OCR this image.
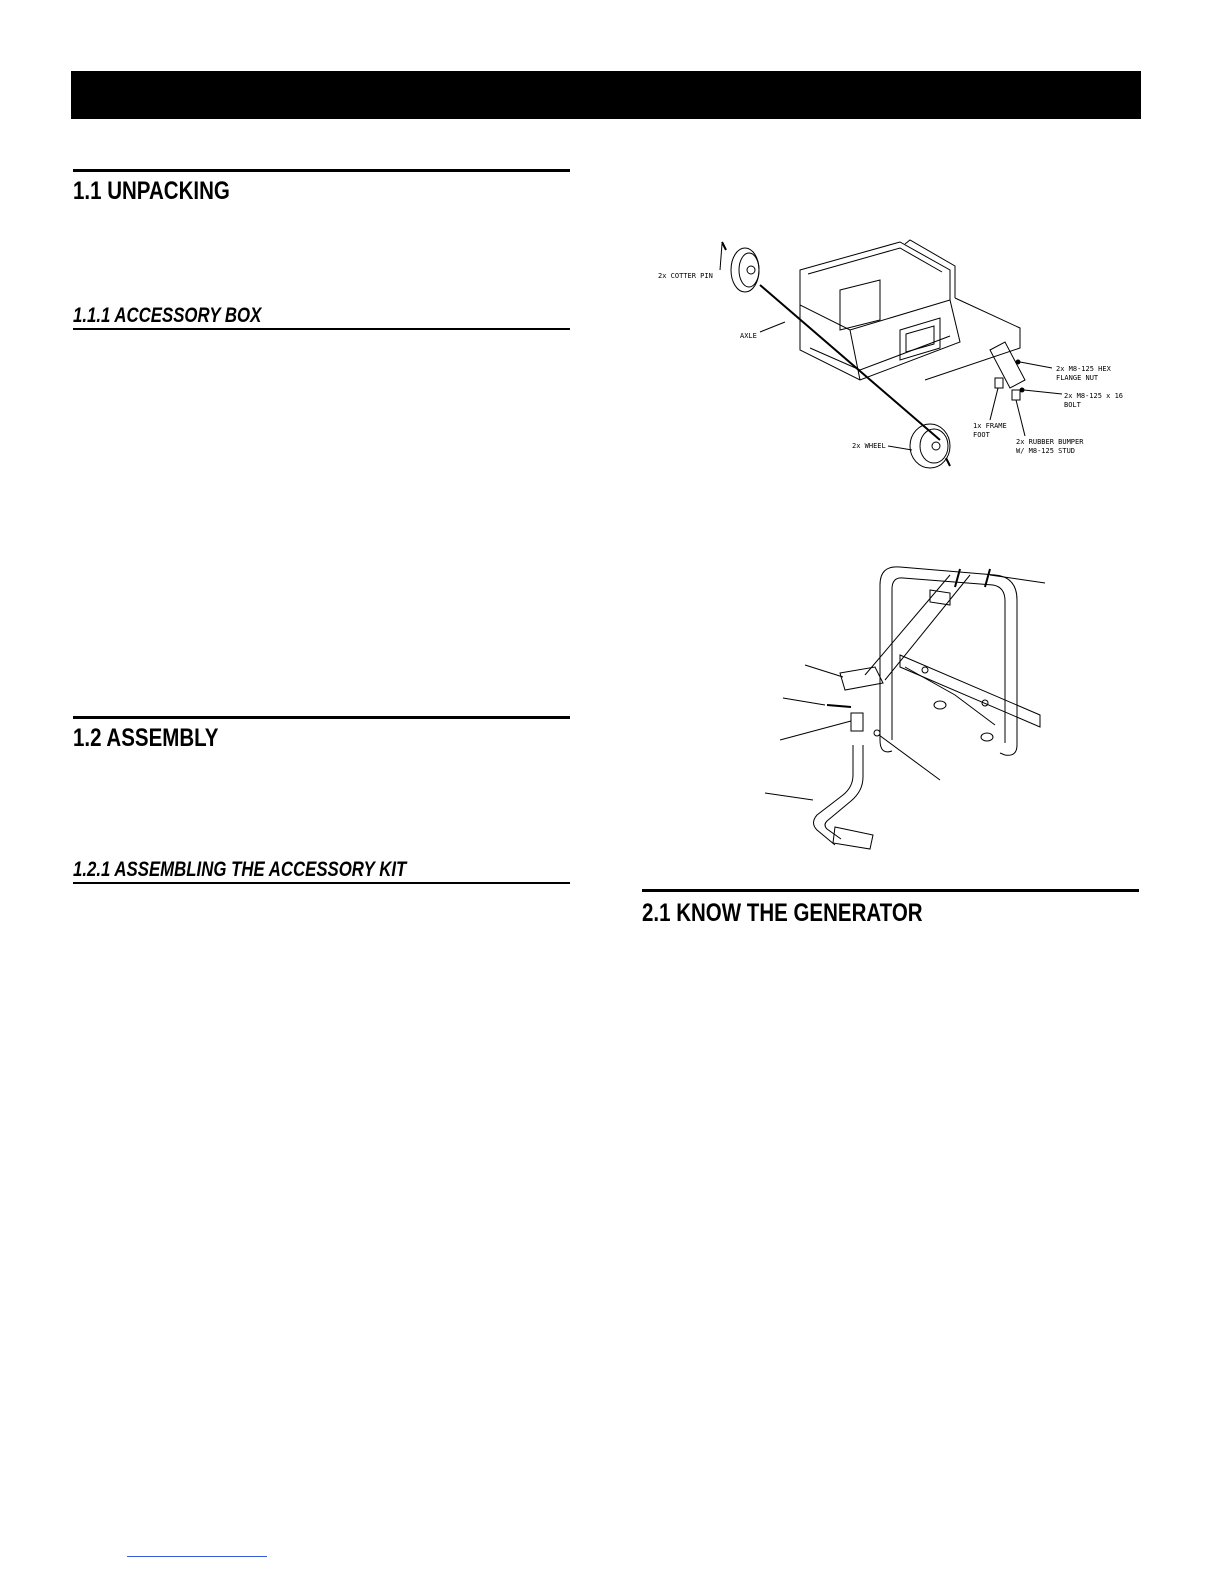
1.1 UNPACKING
1.1.1 ACCESSORY BOX
1.2 ASSEMBLY
1.2.1 ASSEMBLING THE ACCESSORY KIT
2.1 KNOW THE GENERATOR
2x COTTER PIN
AXLE
2x WHEEL
2x M8-125 HEX
FLANGE NUT
2x M8-125 x 16
BOLT
1x FRAME
FOOT
2x RUBBER BUMPER
W/ M8-125 STUD
